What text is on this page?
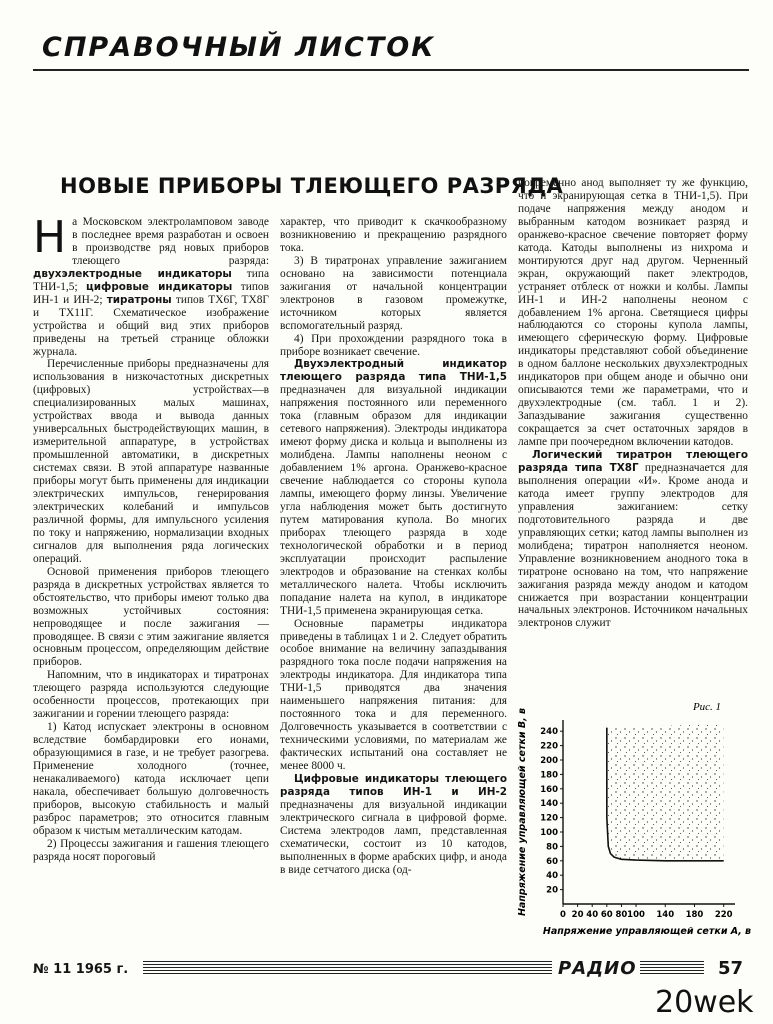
СПРАВОЧНЫЙ ЛИСТОК
НОВЫЕ ПРИБОРЫ ТЛЕЮЩЕГО РАЗРЯДА

На Московском электроламповом заводе в последнее время разработан и освоен в производстве ряд новых приборов тлеющего разряда: двухэлектродные индикаторы типа ТНИ-1,5; цифровые индикаторы типов ИН-1 и ИН-2; тиратроны типов ТХ6Г, ТХ8Г и ТХ11Г. Схематическое изображение устройства и общий вид этих приборов приведены на третьей странице обложки журнала.

Перечисленные приборы предназначены для использования в низкочастотных дискретных (цифровых) устройствах—в специализированных малых машинах, устройствах ввода и вывода данных универсальных быстродействующих машин, в измерительной аппаратуре, в устройствах промышленной автоматики, в дискретных системах связи. В этой аппаратуре названные приборы могут быть применены для индикации электрических импульсов, генерирования электрических колебаний и импульсов различной формы, для импульсного усиления по току и напряжению, нормализации входных сигналов для выполнения ряда логических операций.

Основой применения приборов тлеющего разряда в дискретных устройствах является то обстоятельство, что приборы имеют только два возможных устойчивых состояния: непроводящее и после зажигания — проводящее. В связи с этим зажигание является основным процессом, определяющим действие приборов.

Напомним, что в индикаторах и тиратронах тлеющего разряда используются следующие особенности процессов, протекающих при зажигании и горении тлеющего разряда:

1) Катод испускает электроны в основном вследствие бомбардировки его ионами, образующимися в газе, и не требует разогрева. Применение холодного (точнее, ненакаливаемого) катода исключает цепи накала, обеспечивает большую долговечность приборов, высокую стабильность и малый разброс параметров; это относится главным образом к чистым металлическим катодам.

2) Процессы зажигания и гашения тлеющего разряда носят пороговый

характер, что приводит к скачкообразному возникновению и прекращению разрядного тока.

3) В тиратронах управление зажиганием основано на зависимости потенциала зажигания от начальной концентрации электронов в газовом промежутке, источником которых является вспомогательный разряд.

4) При прохождении разрядного тока в приборе возникает свечение.

Двухэлектродный индикатор тлеющего разряда типа ТНИ-1,5 предназначен для визуальной индикации напряжения постоянного или переменного тока (главным образом для индикации сетевого напряжения). Электроды индикатора имеют форму диска и кольца и выполнены из молибдена. Лампы наполнены неоном с добавлением 1% аргона. Оранжево-красное свечение наблюдается со стороны купола лампы, имеющего форму линзы. Увеличение угла наблюдения может быть достигнуто путем матирования купола. Во многих приборах тлеющего разряда в ходе технологической обработки и в период эксплуатации происходит распыление электродов и образование на стенках колбы металлического налета. Чтобы исключить попадание налета на купол, в индикаторе ТНИ-1,5 применена экранирующая сетка.

Основные параметры индикатора приведены в таблицах 1 и 2. Следует обратить особое внимание на величину запаздывания разрядного тока после подачи напряжения на электроды индикатора. Для индикатора типа ТНИ-1,5 приводятся два значения наименьшего напряжения питания: для постоянного тока и для переменного. Долговечность указывается в соответствии с техническими условиями, по материалам же фактических испытаний она составляет не менее 8000 ч.

Цифровые индикаторы тлеющего разряда типов ИН-1 и ИН-2 предназначены для визуальной индикации электрического сигнала в цифровой форме. Система электродов ламп, представленная схематически, состоит из 10 катодов, выполненных в форме арабских цифр, и анода в виде сетчатого диска (од-

новременно анод выполняет ту же функцию, что и экранирующая сетка в ТНИ-1,5). При подаче напряжения между анодом и выбранным катодом возникает разряд и оранжево-красное свечение повторяет форму катода. Катоды выполнены из нихрома и монтируются друг над другом. Черненный экран, окружающий пакет электродов, устраняет отблеск от ножки и колбы. Лампы ИН-1 и ИН-2 наполнены неоном с добавлением 1% аргона. Светящиеся цифры наблюдаются со стороны купола лампы, имеющего сферическую форму. Цифровые индикаторы представляют собой объединение в одном баллоне нескольких двухэлектродных индикаторов при общем аноде и обычно они описываются теми же параметрами, что и двухэлектродные (см. табл. 1 и 2). Запаздывание зажигания существенно сокращается за счет остаточных зарядов в лампе при поочередном включении катодов.

Логический тиратрон тлеющего разряда типа ТХ8Г предназначается для выполнения операции «И». Кроме анода и катода имеет группу электродов для управления зажиганием: сетку подготовительного разряда и две управляющих сетки; катод лампы выполнен из молибдена; тиратрон наполняется неоном. Управление возникновением анодного тока в тиратроне основано на том, что напряжение зажигания разряда между анодом и катодом снижается при возрастании концентрации начальных электронов. Источником начальных электронов служит

20
40
60
80
100
120
140
160
180
200
220
240
0 20 40 60 80 100 140 180 220
Рис. 1
Напряжение управляющей сетки А, в
Напряжение управляющей сетки В, в
№ 11 1965 г.	РАДИО	57
20wek
